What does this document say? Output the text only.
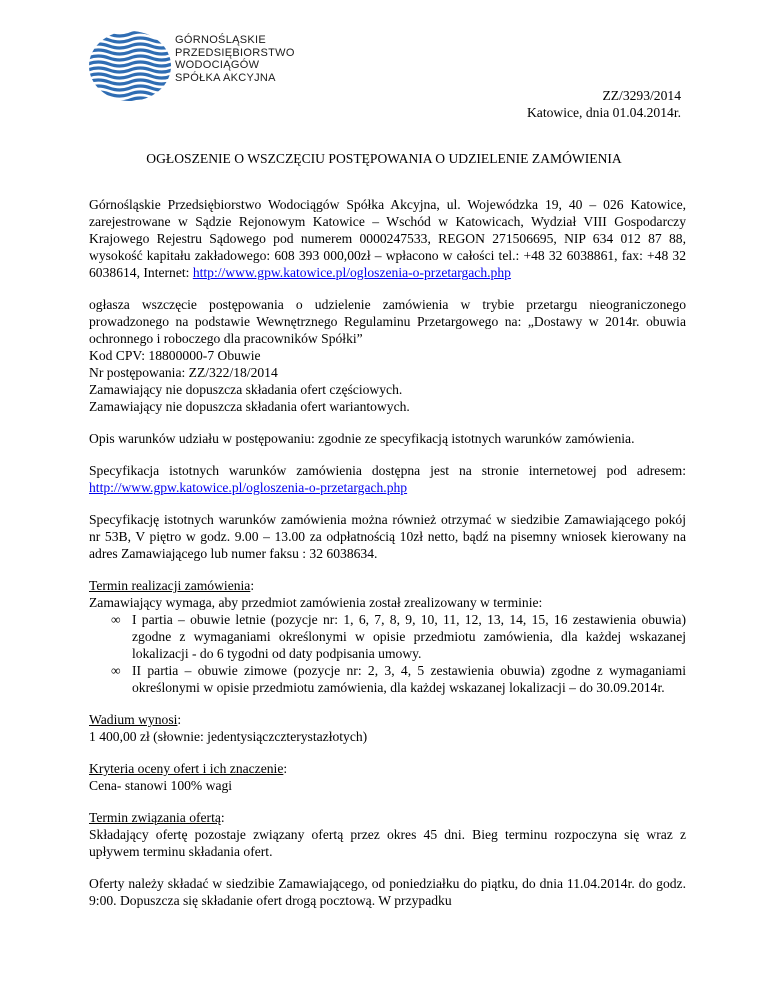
GÓRNOŚLĄSKIE
PRZEDSIĘBIORSTWO
WODOCIĄGÓW
SPÓŁKA AKCYJNA
ZZ/3293/2014
Katowice, dnia 01.04.2014r.
OGŁOSZENIE O WSZCZĘCIU POSTĘPOWANIA O UDZIELENIE ZAMÓWIENIA

Górnośląskie Przedsiębiorstwo Wodociągów Spółka Akcyjna, ul. Wojewódzka 19, 40 – 026 Katowice, zarejestrowane w Sądzie Rejonowym Katowice – Wschód w Katowicach, Wydział VIII Gospodarczy Krajowego Rejestru Sądowego pod numerem 0000247533, REGON 271506695, NIP 634 012 87 88, wysokość kapitału zakładowego: 608 393 000,00zł – wpłacono w całości tel.: +48 32 6038861, fax: +48 32 6038614, Internet: http://www.gpw.katowice.pl/ogloszenia-o-przetargach.php

ogłasza wszczęcie postępowania o udzielenie zamówienia w trybie przetargu nieograniczonego prowadzonego na podstawie Wewnętrznego Regulaminu Przetargowego na: „Dostawy w 2014r. obuwia ochronnego i roboczego dla pracowników Spółki”
Kod CPV: 18800000-7 Obuwie
Nr postępowania: ZZ/322/18/2014
Zamawiający nie dopuszcza składania ofert częściowych.
Zamawiający nie dopuszcza składania ofert wariantowych.

Opis warunków udziału w postępowaniu: zgodnie ze specyfikacją istotnych warunków zamówienia.

Specyfikacja istotnych warunków zamówienia dostępna jest na stronie internetowej pod adresem: http://www.gpw.katowice.pl/ogloszenia-o-przetargach.php

Specyfikację istotnych warunków zamówienia można również otrzymać w siedzibie Zamawiającego pokój nr 53B, V piętro w godz. 9.00 – 13.00 za odpłatnością 10zł netto, bądź na pisemny wniosek kierowany na adres Zamawiającego lub numer faksu : 32 6038634.

Termin realizacji zamówienia:
Zamawiający wymaga, aby przedmiot zamówienia został zrealizowany w terminie:
∞ I partia – obuwie letnie (pozycje nr: 1, 6, 7, 8, 9, 10, 11, 12, 13, 14, 15, 16 zestawienia obuwia) zgodne z wymaganiami określonymi w opisie przedmiotu zamówienia, dla każdej wskazanej lokalizacji - do 6 tygodni od daty podpisania umowy.
∞ II partia – obuwie zimowe (pozycje nr: 2, 3, 4, 5 zestawienia obuwia) zgodne z wymaganiami określonymi w opisie przedmiotu zamówienia, dla każdej wskazanej lokalizacji – do 30.09.2014r.

Wadium wynosi:
1 400,00 zł (słownie: jedentysiączczterystazłotych)

Kryteria oceny ofert i ich znaczenie:
Cena- stanowi 100% wagi

Termin związania ofertą:
Składający ofertę pozostaje związany ofertą przez okres 45 dni. Bieg terminu rozpoczyna się wraz z upływem terminu składania ofert.

Oferty należy składać w siedzibie Zamawiającego, od poniedziałku do piątku, do dnia 11.04.2014r. do godz. 9:00. Dopuszcza się składanie ofert drogą pocztową. W przypadku
